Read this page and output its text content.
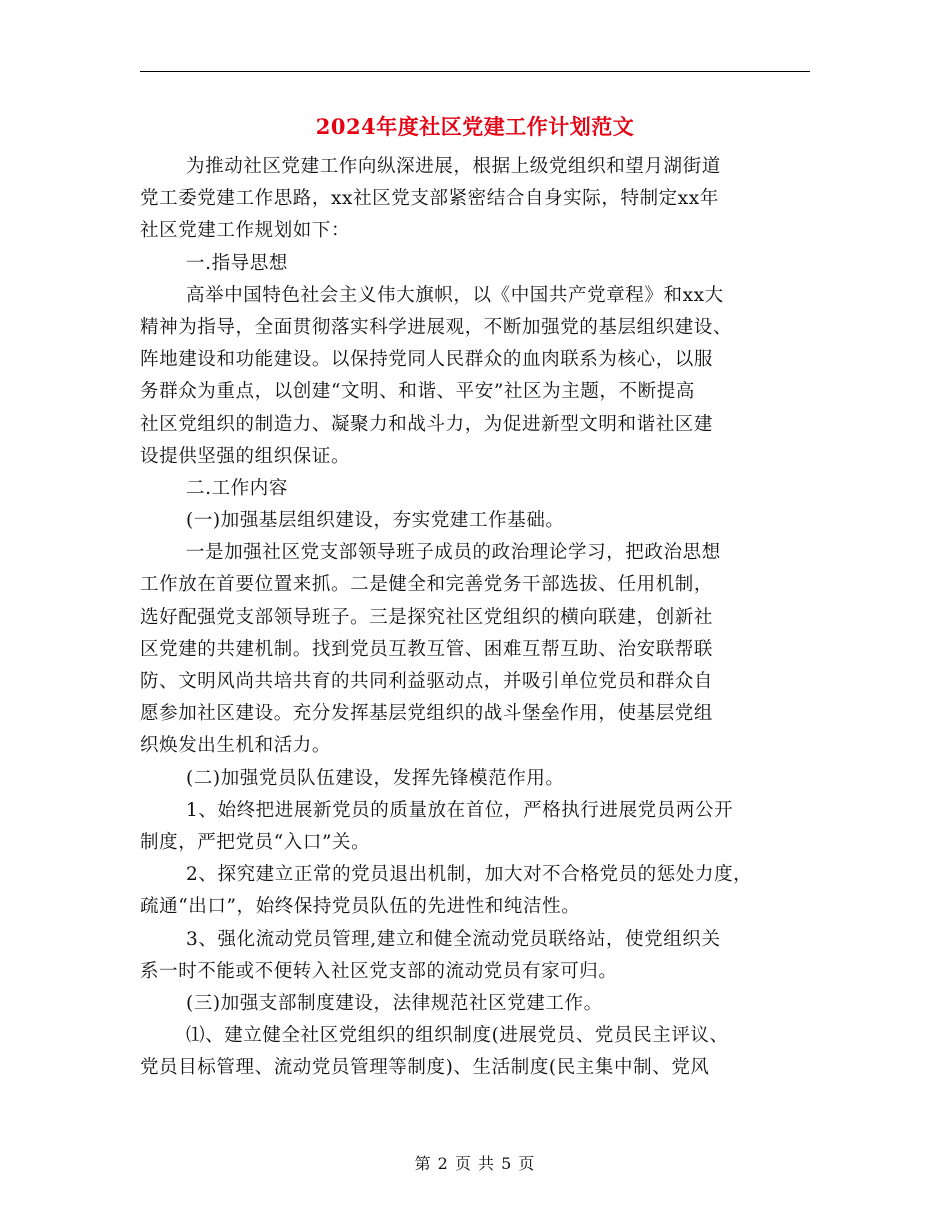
2024年度社区党建工作计划范文
为推动社区党建工作向纵深进展，根据上级党组织和望月湖街道
党工委党建工作思路，xx社区党支部紧密结合自身实际，特制定xx年
社区党建工作规划如下：
一.指导思想
高举中国特色社会主义伟大旗帜，以《中国共产党章程》和xx大
精神为指导，全面贯彻落实科学进展观，不断加强党的基层组织建设、
阵地建设和功能建设。以保持党同人民群众的血肉联系为核心，以服
务群众为重点，以创建“文明、和谐、平安”社区为主题，不断提高
社区党组织的制造力、凝聚力和战斗力，为促进新型文明和谐社区建
设提供坚强的组织保证。
二.工作内容
(一)加强基层组织建设，夯实党建工作基础。
一是加强社区党支部领导班子成员的政治理论学习，把政治思想
工作放在首要位置来抓。二是健全和完善党务干部选拔、任用机制，
选好配强党支部领导班子。三是探究社区党组织的横向联建，创新社
区党建的共建机制。找到党员互教互管、困难互帮互助、治安联帮联
防、文明风尚共培共育的共同利益驱动点，并吸引单位党员和群众自
愿参加社区建设。充分发挥基层党组织的战斗堡垒作用，使基层党组
织焕发出生机和活力。
(二)加强党员队伍建设，发挥先锋模范作用。
1、始终把进展新党员的质量放在首位，严格执行进展党员两公开
制度，严把党员“入口”关。
2、探究建立正常的党员退出机制，加大对不合格党员的惩处力度，
疏通“出口”，始终保持党员队伍的先进性和纯洁性。
3、强化流动党员管理,建立和健全流动党员联络站，使党组织关
系一时不能或不便转入社区党支部的流动党员有家可归。
(三)加强支部制度建设，法律规范社区党建工作。
⑴、建立健全社区党组织的组织制度(进展党员、党员民主评议、
党员目标管理、流动党员管理等制度)、生活制度(民主集中制、党风
第 2 页 共 5 页
